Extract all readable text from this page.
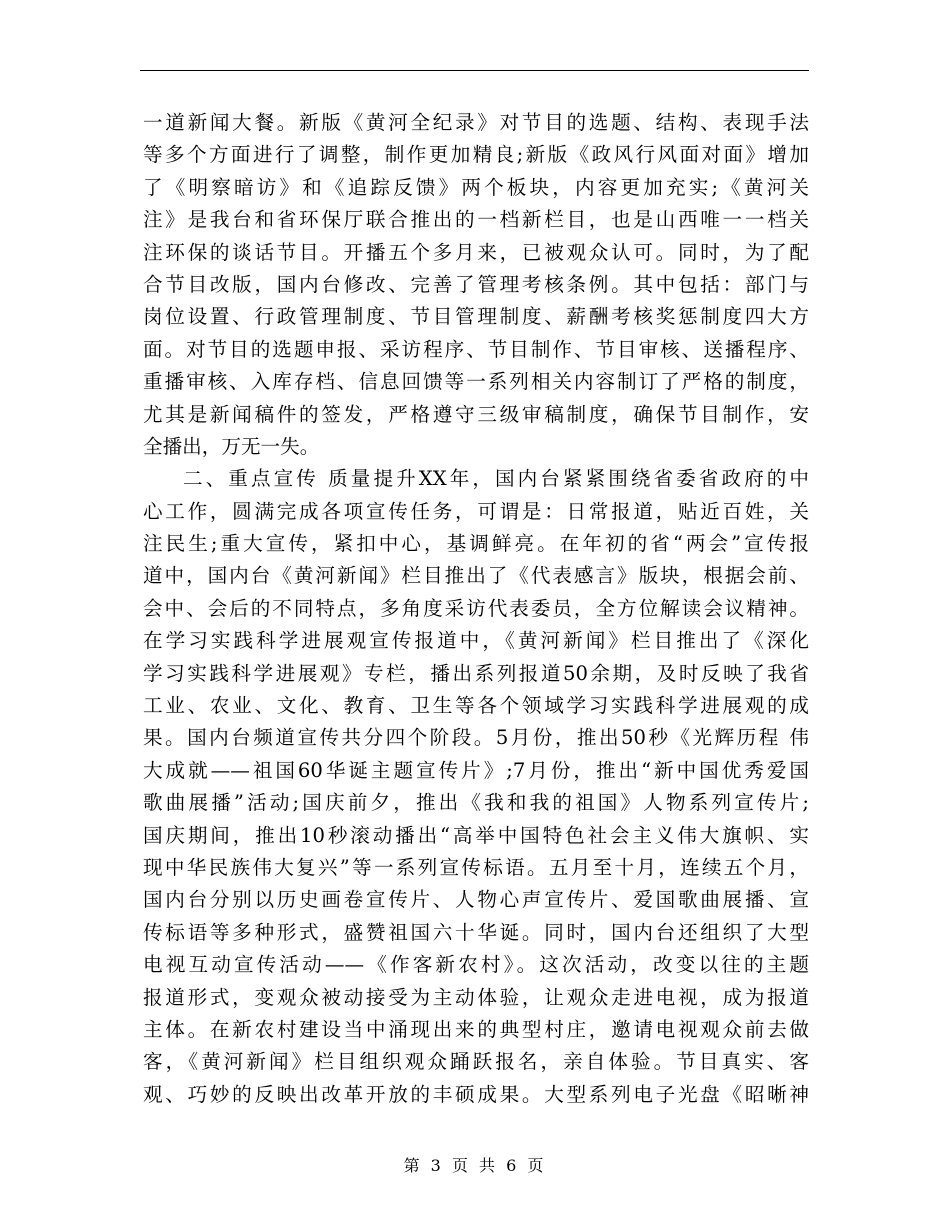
一道新闻大餐。新版《黄河全纪录》对节目的选题、结构、表现手法
等多个方面进行了调整，制作更加精良;新版《政风行风面对面》增加
了《明察暗访》和《追踪反馈》两个板块，内容更加充实;《黄河关
注》是我台和省环保厅联合推出的一档新栏目，也是山西唯一一档关
注环保的谈话节目。开播五个多月来，已被观众认可。同时，为了配
合节目改版，国内台修改、完善了管理考核条例。其中包括：部门与
岗位设置、行政管理制度、节目管理制度、薪酬考核奖惩制度四大方
面。对节目的选题申报、采访程序、节目制作、节目审核、送播程序、
重播审核、入库存档、信息回馈等一系列相关内容制订了严格的制度，
尤其是新闻稿件的签发，严格遵守三级审稿制度，确保节目制作，安
全播出，万无一失。
二、重点宣传 质量提升XX年，国内台紧紧围绕省委省政府的中
心工作，圆满完成各项宣传任务，可谓是：日常报道，贴近百姓，关
注民生;重大宣传，紧扣中心，基调鲜亮。在年初的省“两会”宣传报
道中，国内台《黄河新闻》栏目推出了《代表感言》版块，根据会前、
会中、会后的不同特点，多角度采访代表委员，全方位解读会议精神。
在学习实践科学进展观宣传报道中，《黄河新闻》栏目推出了《深化
学习实践科学进展观》专栏，播出系列报道50余期，及时反映了我省
工业、农业、文化、教育、卫生等各个领域学习实践科学进展观的成
果。国内台频道宣传共分四个阶段。5月份，推出50秒《光辉历程 伟
大成就——祖国60华诞主题宣传片》;7月份，推出“新中国优秀爱国
歌曲展播”活动;国庆前夕，推出《我和我的祖国》人物系列宣传片;
国庆期间，推出10秒滚动播出“高举中国特色社会主义伟大旗帜、实
现中华民族伟大复兴”等一系列宣传标语。五月至十月，连续五个月，
国内台分别以历史画卷宣传片、人物心声宣传片、爱国歌曲展播、宣
传标语等多种形式，盛赞祖国六十华诞。同时，国内台还组织了大型
电视互动宣传活动——《作客新农村》。这次活动，改变以往的主题
报道形式，变观众被动接受为主动体验，让观众走进电视，成为报道
主体。在新农村建设当中涌现出来的典型村庄，邀请电视观众前去做
客，《黄河新闻》栏目组织观众踊跃报名，亲自体验。节目真实、客
观、巧妙的反映出改革开放的丰硕成果。大型系列电子光盘《昭晰神
第 3 页 共 6 页
